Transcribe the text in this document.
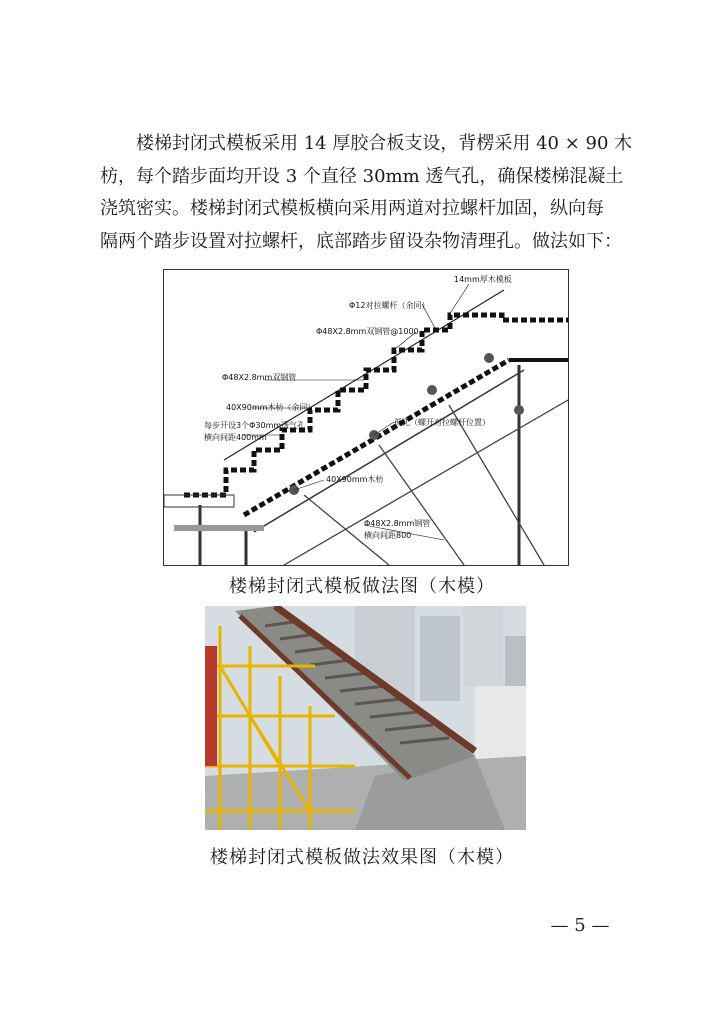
楼梯封闭式模板采用 14 厚胶合板支设，背楞采用 40 × 90 木

枋，每个踏步面均开设 3 个直径 30mm 透气孔，确保楼梯混凝土

浇筑密实。楼梯封闭式模板横向采用两道对拉螺杆加固，纵向每

隔两个踏步设置对拉螺杆，底部踏步留设杂物清理孔。做法如下：

14mm厚木模板
Φ12对拉螺杆（余同）
Φ48X2.8mm双钢管@1000
Φ48X2.8mm双钢管
40X90mm木枋（余同）
每步开设3个Φ30mm透气孔
横向间距400mm
孤孔（螺开对拉螺杆位置）
40X90mm木枋
Φ48X2.8mm钢管
横向间距800
楼梯封闭式模板做法图（木模）
楼梯封闭式模板做法效果图（木模）
— 5 —
